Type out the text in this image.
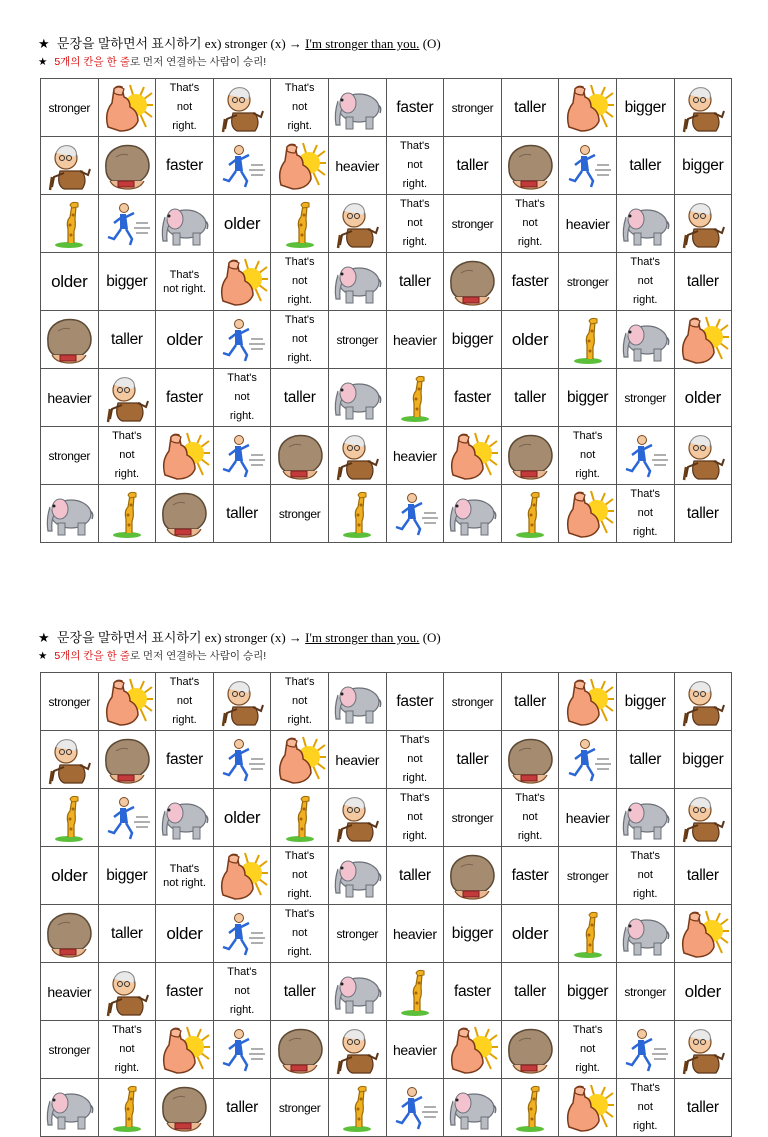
★ 문장을 말하면서 표시하기 ex) stronger (x) → I'm stronger than you. (O)
★ 5개의 칸을 한 줄로 먼저 연결하는 사람이 승리!
stronger		That's
not
right.		That's
not
right.		faster	stronger	taller		bigger

faster			heavier	That's
not
right.	taller			taller	bigger

older			That's
not
right.	stronger	That's
not
right.	heavier

older	bigger	That's
not right.		That's
not
right.		taller		faster	stronger	That's
not
right.	taller

taller	older		That's
not
right.	stronger	heavier	bigger	older

heavier		faster	That's
not
right.	taller			faster	taller	bigger	stronger	older

stronger	That's
not
right.					heavier			That's
not
right.

taller	stronger						That's
not
right.	taller
★ 문장을 말하면서 표시하기 ex) stronger (x) → I'm stronger than you. (O)
★ 5개의 칸을 한 줄로 먼저 연결하는 사람이 승리!
stronger		That's
not
right.		That's
not
right.		faster	stronger	taller		bigger

faster			heavier	That's
not
right.	taller			taller	bigger

older			That's
not
right.	stronger	That's
not
right.	heavier

older	bigger	That's
not right.		That's
not
right.		taller		faster	stronger	That's
not
right.	taller

taller	older		That's
not
right.	stronger	heavier	bigger	older

heavier		faster	That's
not
right.	taller			faster	taller	bigger	stronger	older

stronger	That's
not
right.					heavier			That's
not
right.

taller	stronger						That's
not
right.	taller
